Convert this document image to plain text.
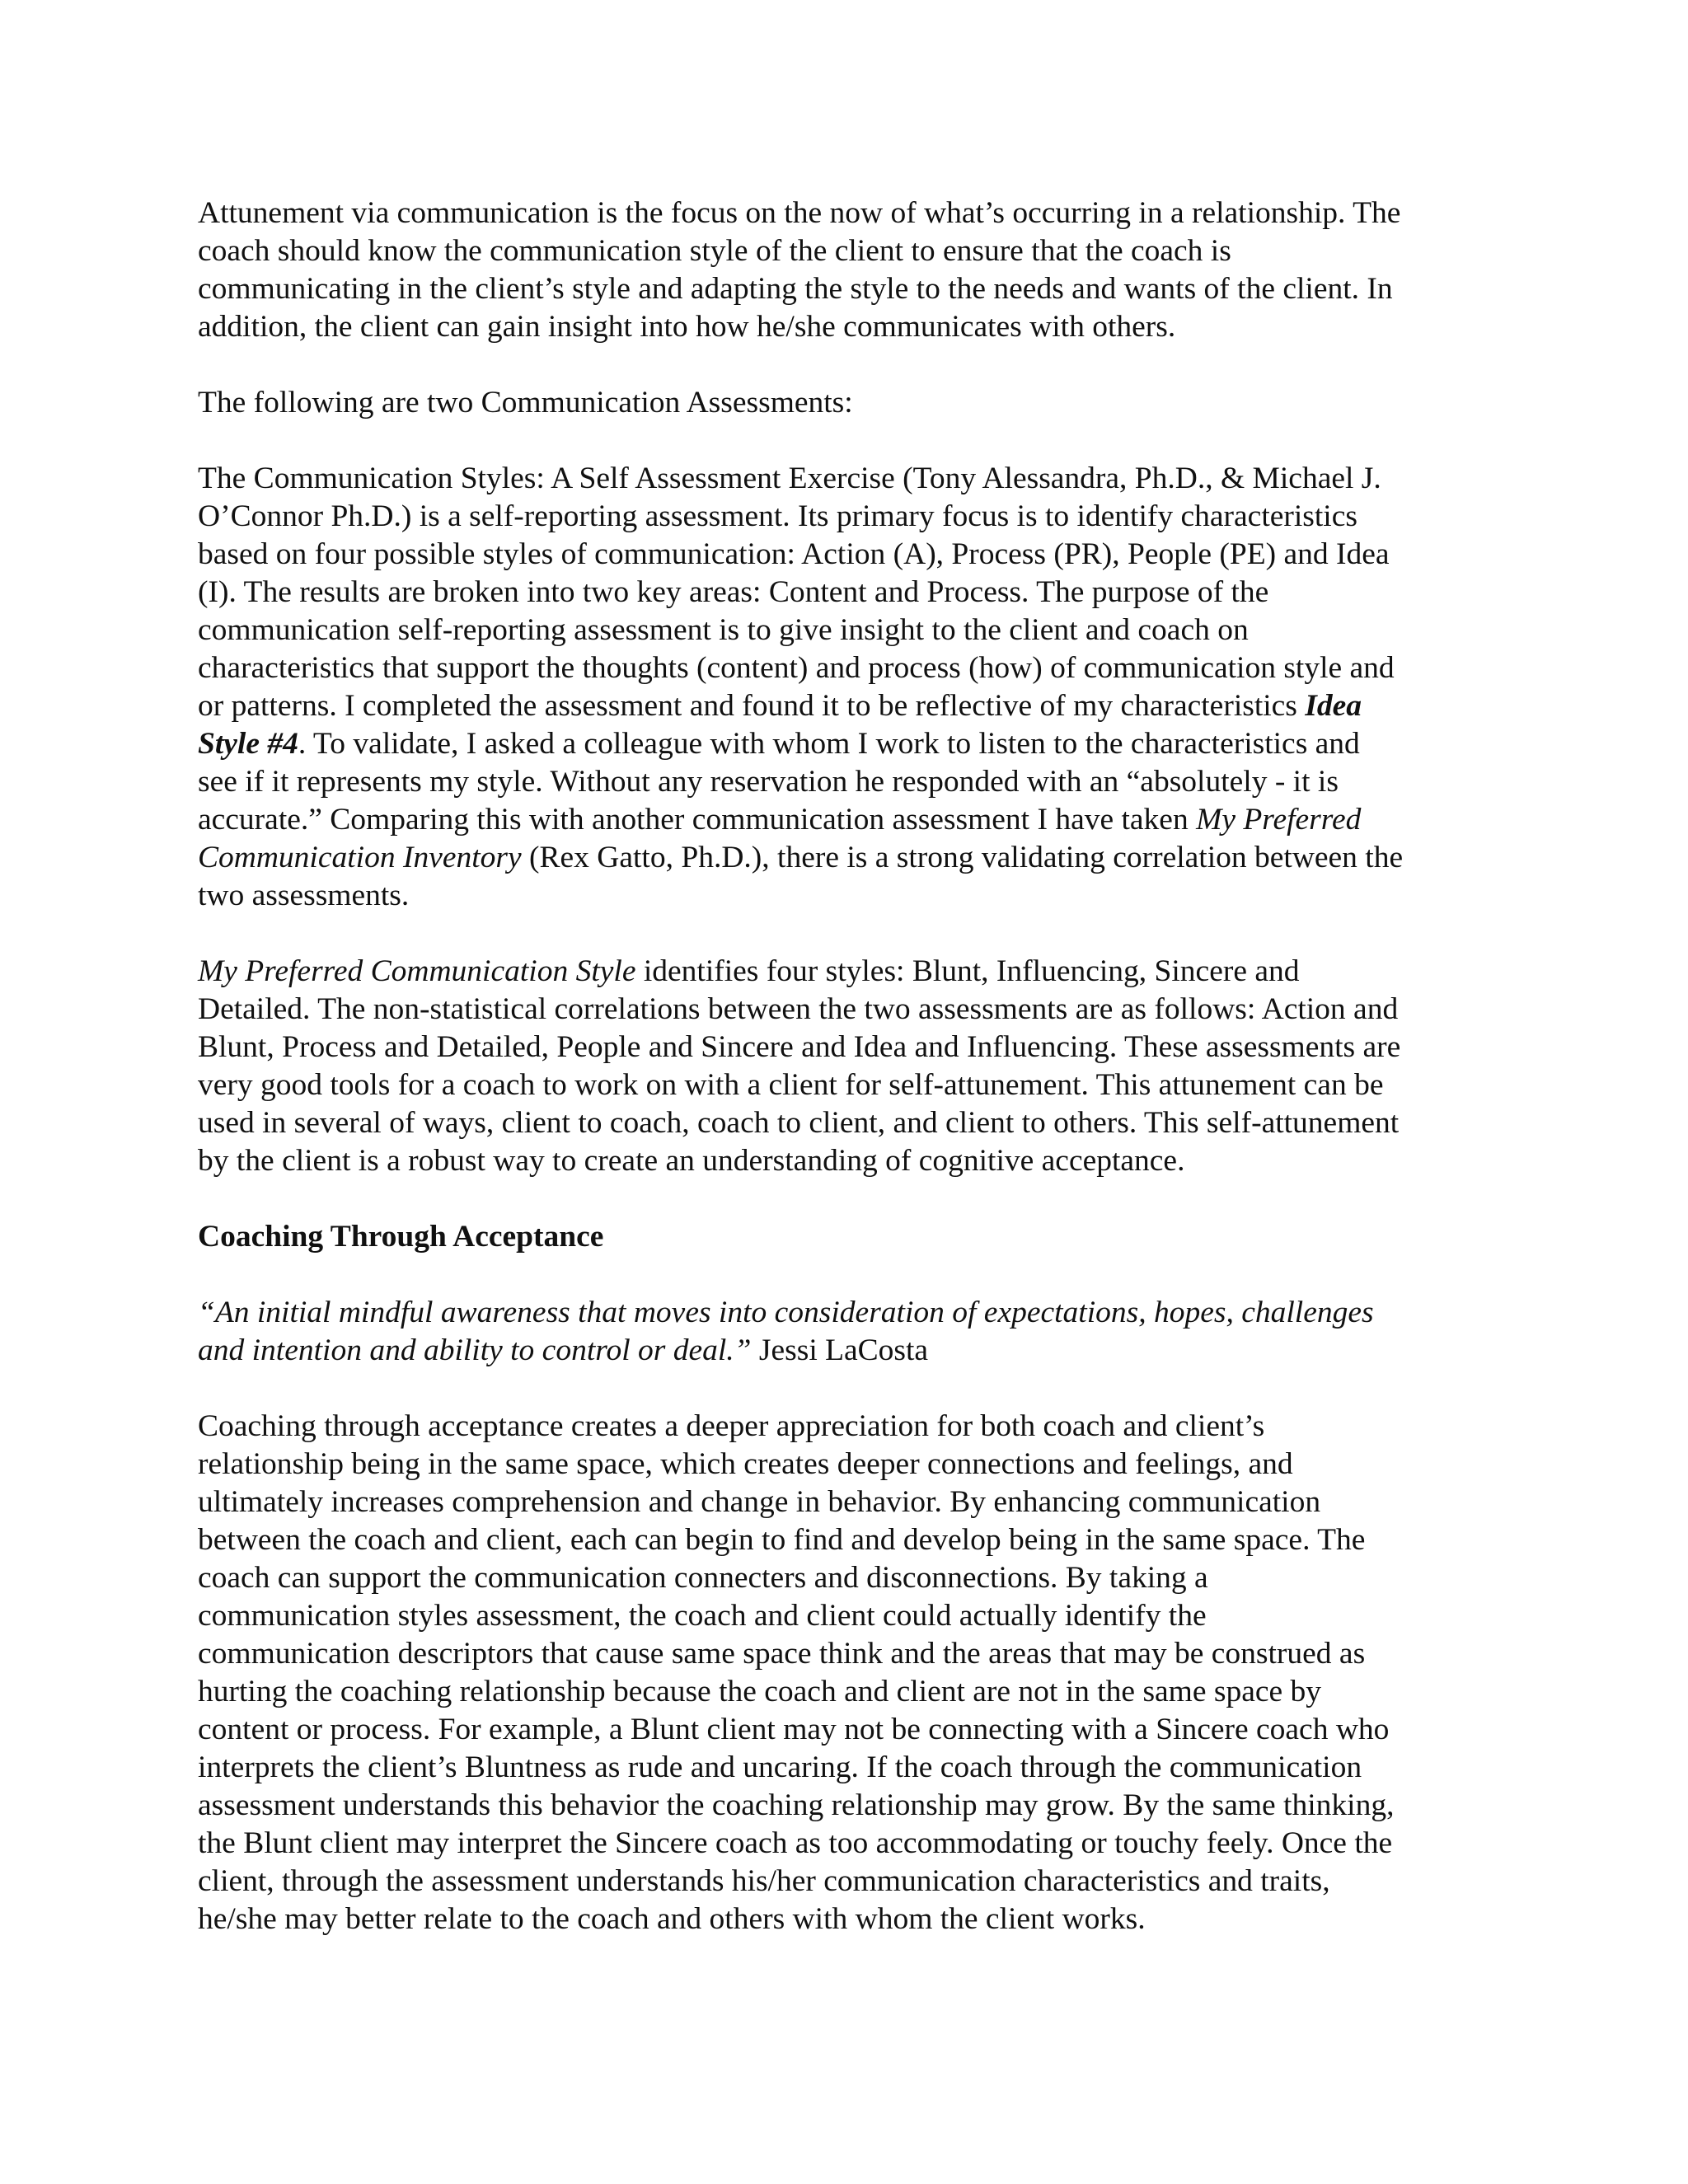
Attunement via communication is the focus on the now of what’s occurring in a relationship. The
coach should know the communication style of the client to ensure that the coach is
communicating in the client’s style and adapting the style to the needs and wants of the client. In
addition, the client can gain insight into how he/she communicates with others.

The following are two Communication Assessments:

The Communication Styles: A Self Assessment Exercise (Tony Alessandra, Ph.D., & Michael J.
O’Connor Ph.D.) is a self-reporting assessment. Its primary focus is to identify characteristics
based on four possible styles of communication: Action (A), Process (PR), People (PE) and Idea
(I). The results are broken into two key areas: Content and Process. The purpose of the
communication self-reporting assessment is to give insight to the client and coach on
characteristics that support the thoughts (content) and process (how) of communication style and
or patterns. I completed the assessment and found it to be reflective of my characteristics Idea
Style #4. To validate, I asked a colleague with whom I work to listen to the characteristics and
see if it represents my style. Without any reservation he responded with an “absolutely - it is
accurate.” Comparing this with another communication assessment I have taken My Preferred
Communication Inventory (Rex Gatto, Ph.D.), there is a strong validating correlation between the
two assessments.

My Preferred Communication Style identifies four styles: Blunt, Influencing, Sincere and
Detailed. The non-statistical correlations between the two assessments are as follows: Action and
Blunt, Process and Detailed, People and Sincere and Idea and Influencing. These assessments are
very good tools for a coach to work on with a client for self-attunement. This attunement can be
used in several of ways, client to coach, coach to client, and client to others. This self-attunement
by the client is a robust way to create an understanding of cognitive acceptance.

Coaching Through Acceptance

“An initial mindful awareness that moves into consideration of expectations, hopes, challenges
and intention and ability to control or deal.” Jessi LaCosta

Coaching through acceptance creates a deeper appreciation for both coach and client’s
relationship being in the same space, which creates deeper connections and feelings, and
ultimately increases comprehension and change in behavior. By enhancing communication
between the coach and client, each can begin to find and develop being in the same space. The
coach can support the communication connecters and disconnections. By taking a
communication styles assessment, the coach and client could actually identify the
communication descriptors that cause same space think and the areas that may be construed as
hurting the coaching relationship because the coach and client are not in the same space by
content or process. For example, a Blunt client may not be connecting with a Sincere coach who
interprets the client’s Bluntness as rude and uncaring. If the coach through the communication
assessment understands this behavior the coaching relationship may grow. By the same thinking,
the Blunt client may interpret the Sincere coach as too accommodating or touchy feely. Once the
client, through the assessment understands his/her communication characteristics and traits,
he/she may better relate to the coach and others with whom the client works.
